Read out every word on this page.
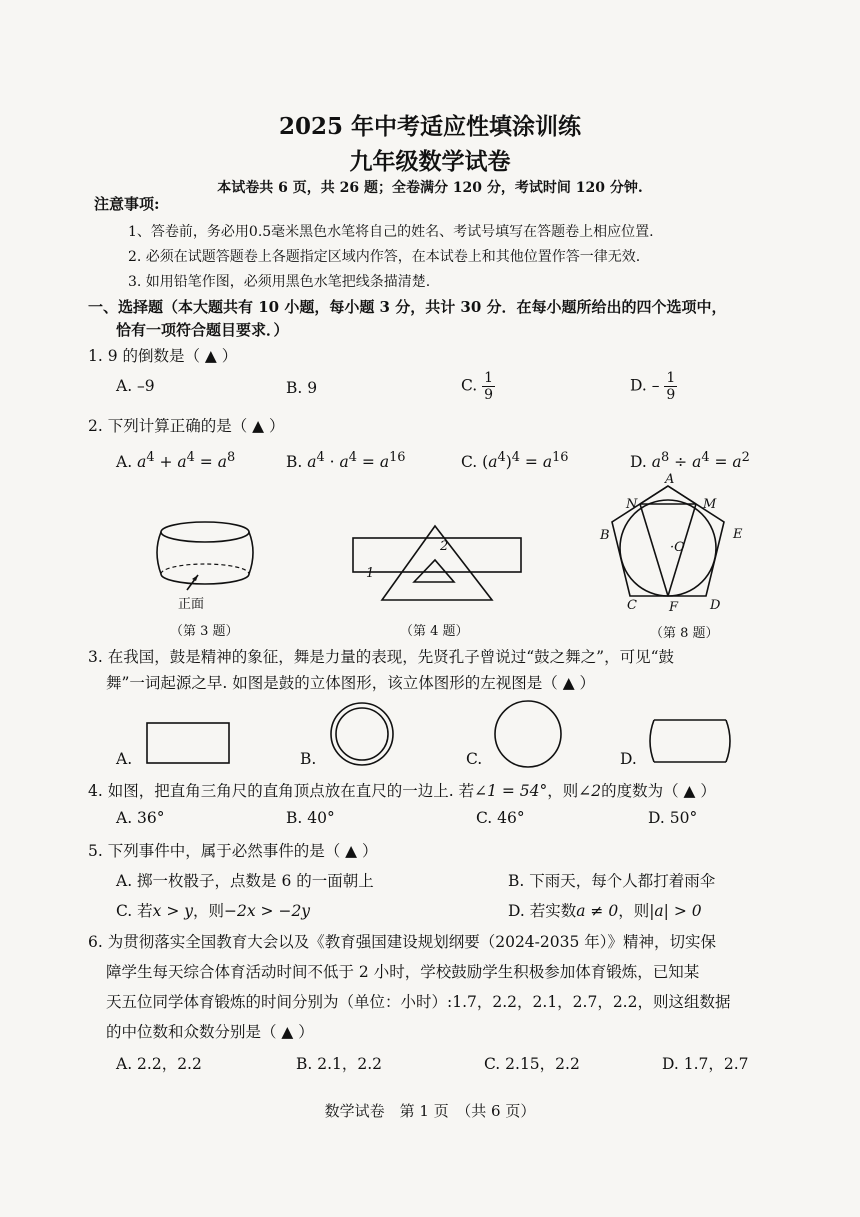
2025 年中考适应性填涂训练
九年级数学试卷
本试卷共 6 页，共 26 题；全卷满分 120 分，考试时间 120 分钟.
注意事项:
1、答卷前，务必用0.5毫米黑色水笔将自己的姓名、考试号填写在答题卷上相应位置.
2. 必须在试题答题卷上各题指定区域内作答，在本试卷上和其他位置作答一律无效.
3. 如用铅笔作图，必须用黑色水笔把线条描清楚.
一、选择题（本大题共有 10 小题，每小题 3 分，共计 30 分．在每小题所给出的四个选项中，
恰有一项符合题目要求．）
1. 9 的倒数是（ ▲ ）
A. –9	B. 9	C. $\frac{1}{9}$	D. – $\frac{1}{9}$
2. 下列计算正确的是（ ▲ ）
A. $a^4 + a^4 = a^8$	B. $a^4 \cdot a^4 = a^{16}$	C. $(a^4)^4 = a^{16}$	D. $a^8 \div a^4 = a^2$
正面
（第 3 题）
1
2
（第 4 题）
A
N	M
B	E
·O
C F D
（第 8 题）
3. 在我国，鼓是精神的象征，舞是力量的表现，先贤孔子曾说过“鼓之舞之”，可见“鼓
舞”一词起源之早. 如图是鼓的立体图形，该立体图形的左视图是（ ▲ ）
A.	B.	C.	D.
4. 如图，把直角三角尺的直角顶点放在直尺的一边上. 若∠1 = 54°，则∠2的度数为（ ▲ ）
A. 36°	B. 40°	C. 46°	D. 50°
5. 下列事件中，属于必然事件的是（ ▲ ）
A. 掷一枚骰子，点数是 6 的一面朝上	B. 下雨天，每个人都打着雨伞
C. 若x > y，则−2x > −2y	D. 若实数a ≠ 0，则|a| > 0
6. 为贯彻落实全国教育大会以及《教育强国建设规划纲要（2024-2035 年）》精神，切实保
障学生每天综合体育活动时间不低于 2 小时，学校鼓励学生积极参加体育锻炼，已知某
天五位同学体育锻炼的时间分别为（单位：小时）:1.7，2.2，2.1，2.7，2.2，则这组数据
的中位数和众数分别是（ ▲ ）
A. 2.2，2.2	B. 2.1，2.2	C. 2.15，2.2	D. 1.7，2.7
数学试卷　第 1 页　（共 6 页）
